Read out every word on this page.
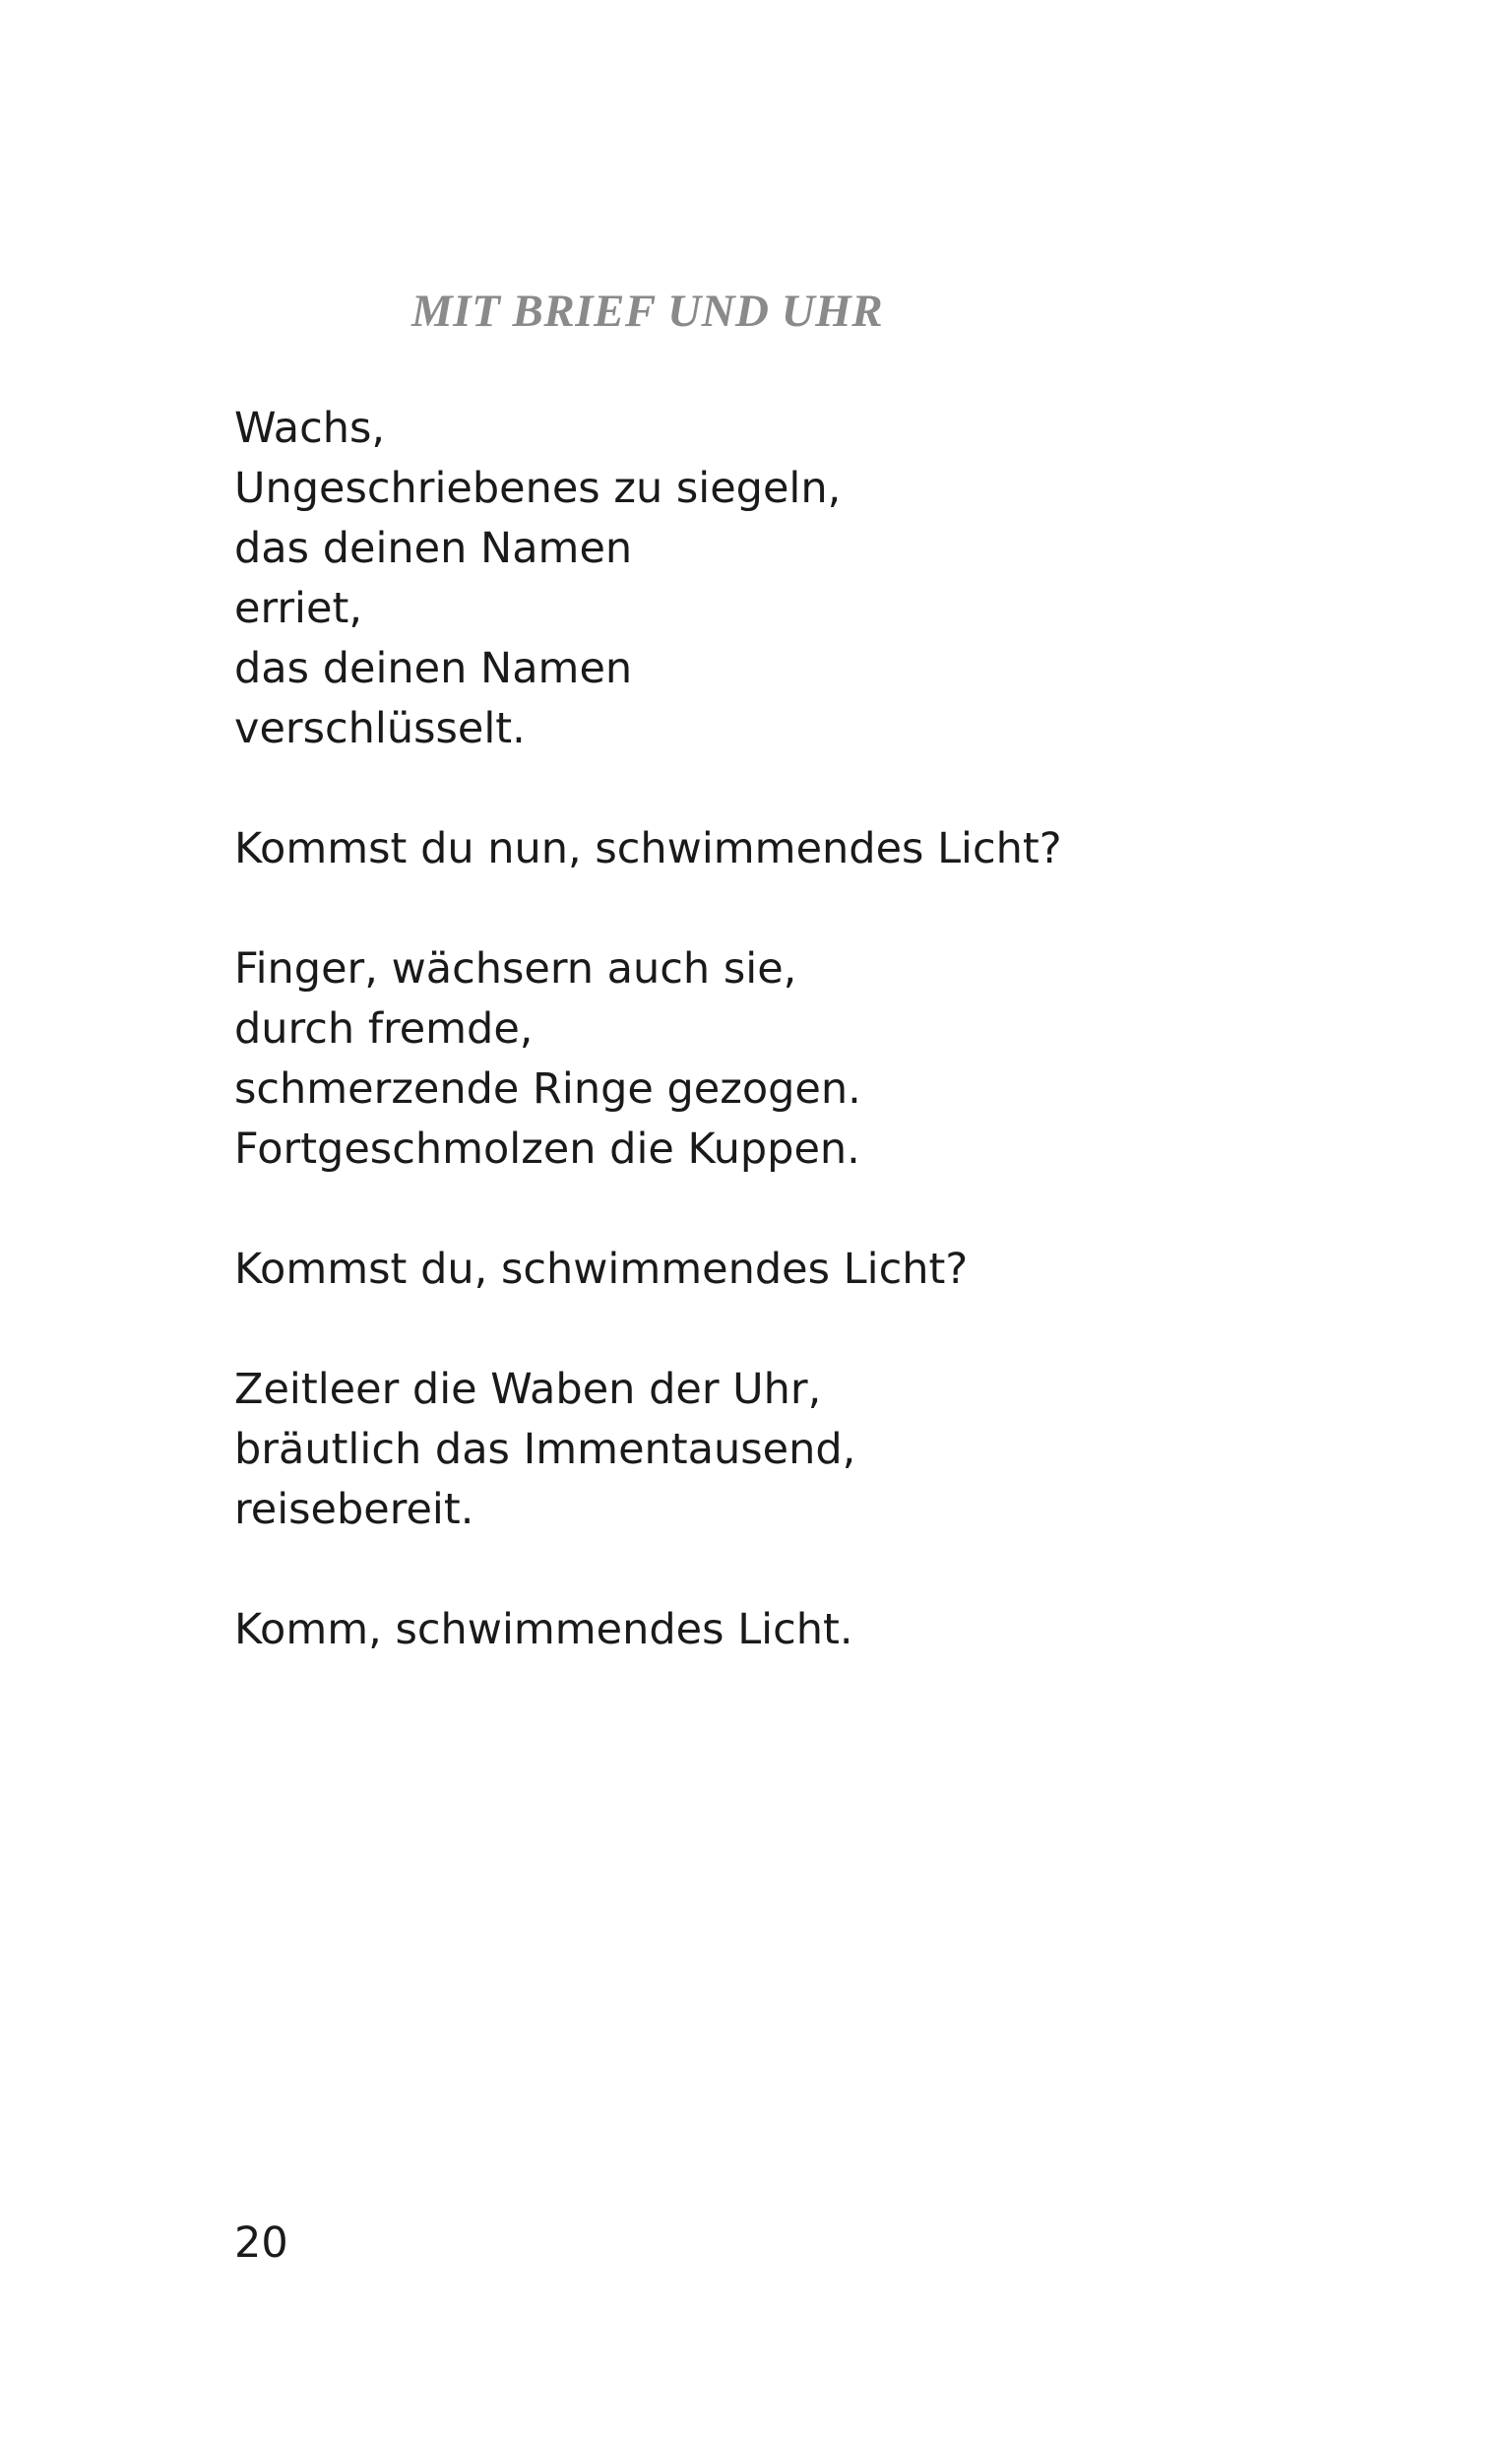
MIT BRIEF UND UHR

Wachs,
Ungeschriebenes zu siegeln,
das deinen Namen
erriet,
das deinen Namen
verschlüsselt.

Kommst du nun, schwimmendes Licht?

Finger, wächsern auch sie,
durch fremde,
schmerzende Ringe gezogen.
Fortgeschmolzen die Kuppen.

Kommst du, schwimmendes Licht?

Zeitleer die Waben der Uhr,
bräutlich das Immentausend,
reisebereit.

Komm, schwimmendes Licht.

20
